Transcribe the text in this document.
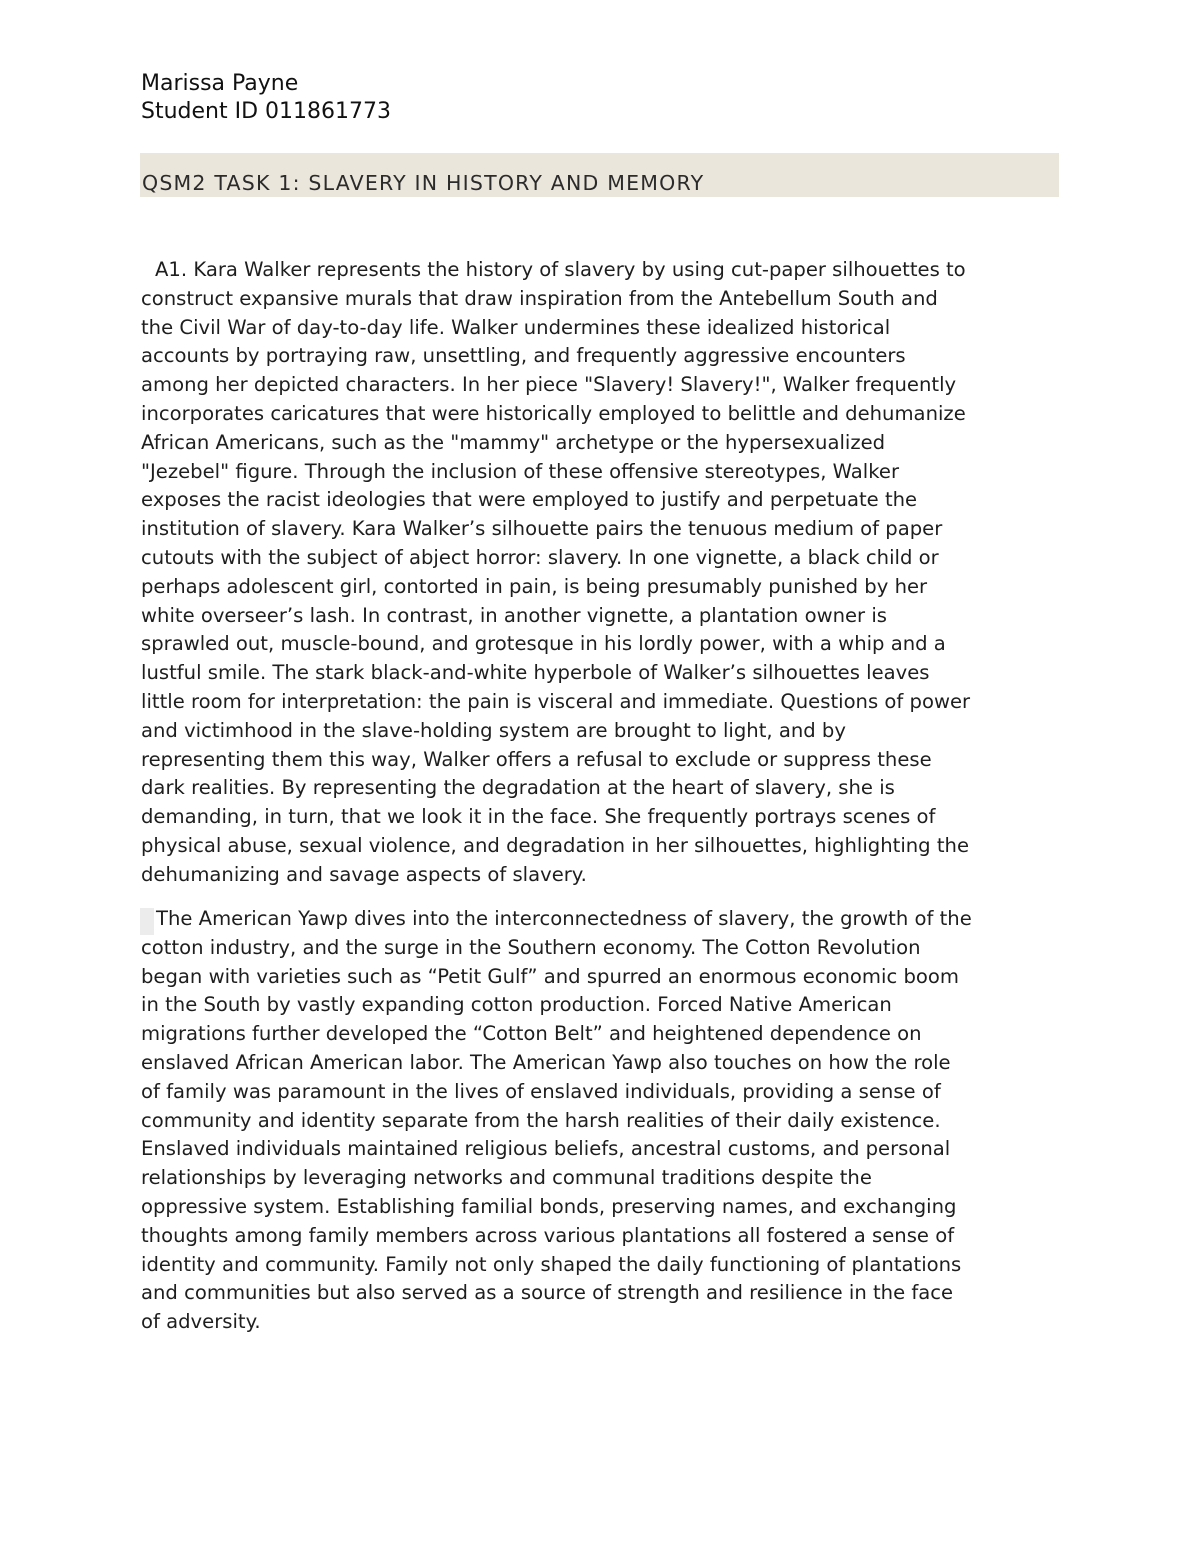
Marissa Payne
Student ID 011861773
QSM2 TASK 1: SLAVERY IN HISTORY AND MEMORY
A1. Kara Walker represents the history of slavery by using cut-paper silhouettes to
construct expansive murals that draw inspiration from the Antebellum South and
the Civil War of day-to-day life. Walker undermines these idealized historical
accounts by portraying raw, unsettling, and frequently aggressive encounters
among her depicted characters. In her piece "Slavery! Slavery!", Walker frequently
incorporates caricatures that were historically employed to belittle and dehumanize
African Americans, such as the "mammy" archetype or the hypersexualized
"Jezebel" figure. Through the inclusion of these offensive stereotypes, Walker
exposes the racist ideologies that were employed to justify and perpetuate the
institution of slavery. Kara Walker’s silhouette pairs the tenuous medium of paper
cutouts with the subject of abject horror: slavery. In one vignette, a black child or
perhaps adolescent girl, contorted in pain, is being presumably punished by her
white overseer’s lash. In contrast, in another vignette, a plantation owner is
sprawled out, muscle-bound, and grotesque in his lordly power, with a whip and a
lustful smile. The stark black-and-white hyperbole of Walker’s silhouettes leaves
little room for interpretation: the pain is visceral and immediate. Questions of power
and victimhood in the slave-holding system are brought to light, and by
representing them this way, Walker offers a refusal to exclude or suppress these
dark realities. By representing the degradation at the heart of slavery, she is
demanding, in turn, that we look it in the face. She frequently portrays scenes of
physical abuse, sexual violence, and degradation in her silhouettes, highlighting the
dehumanizing and savage aspects of slavery.
The American Yawp dives into the interconnectedness of slavery, the growth of the
cotton industry, and the surge in the Southern economy. The Cotton Revolution
began with varieties such as “Petit Gulf” and spurred an enormous economic boom
in the South by vastly expanding cotton production. Forced Native American
migrations further developed the “Cotton Belt” and heightened dependence on
enslaved African American labor. The American Yawp also touches on how the role
of family was paramount in the lives of enslaved individuals, providing a sense of
community and identity separate from the harsh realities of their daily existence.
Enslaved individuals maintained religious beliefs, ancestral customs, and personal
relationships by leveraging networks and communal traditions despite the
oppressive system. Establishing familial bonds, preserving names, and exchanging
thoughts among family members across various plantations all fostered a sense of
identity and community. Family not only shaped the daily functioning of plantations
and communities but also served as a source of strength and resilience in the face
of adversity.
